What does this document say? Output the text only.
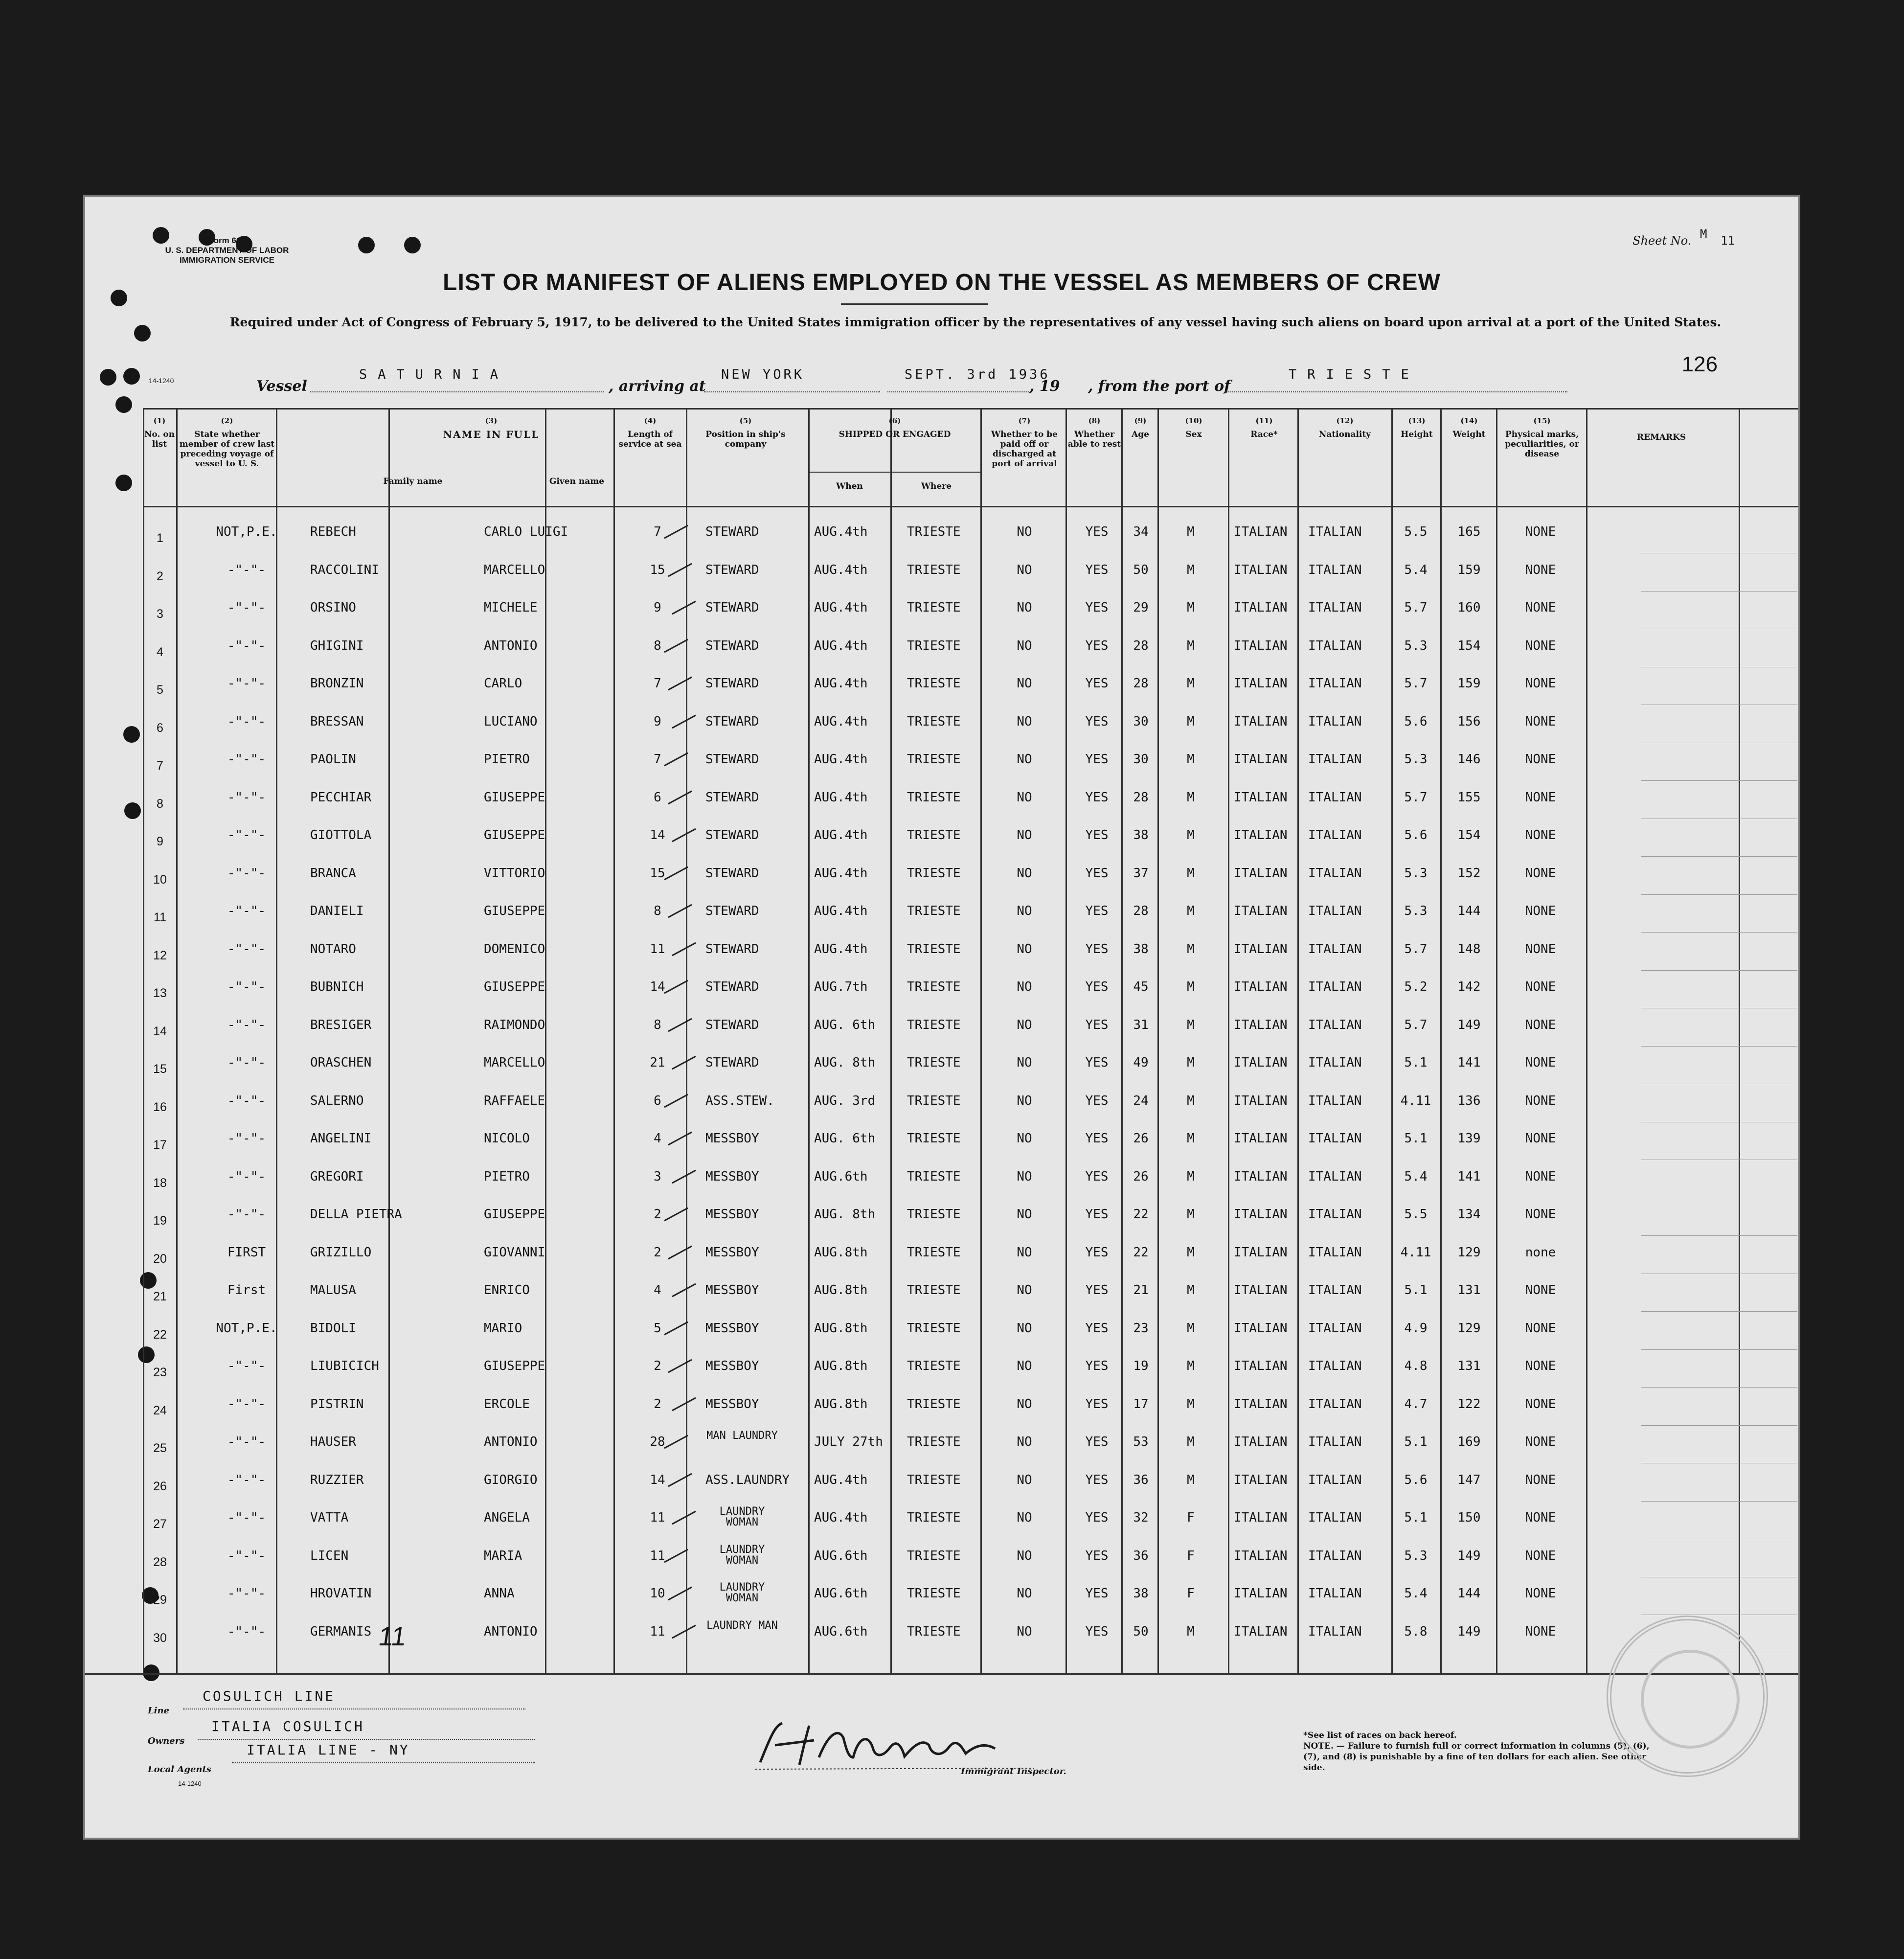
Form 660
U. S. DEPARTMENT OF LABOR
IMMIGRATION SERVICE
14-1240
Sheet No. M 11
LIST OR MANIFEST OF ALIENS EMPLOYED ON THE VESSEL AS MEMBERS OF CREW
Required under Act of Congress of February 5, 1917, to be delivered to the United States immigration officer by the representatives of any vessel having such aliens on board upon arrival at a port of the United States.
Vessel
SATURNIA
, arriving at
NEW YORK	SEPT. 3rd 1936
, 19 , from the port of
TRIESTE	126
(1)
No. on list
(2)
State whether member of crew last preceding voyage of vessel to U. S.
(3)
NAME IN FULL
Family name	Given name
(4)
Length of service at sea
(5)
Position in ship's company
(6)
SHIPPED OR ENGAGED
When	Where
(7)
Whether to be paid off or discharged at port of arrival
(8)
Whether able to rest
(9)
Age
(10)
Sex
(11)
Race*
(12)
Nationality
(13)
Height
(14)
Weight
(15)
Physical marks, peculiarities, or disease
REMARKS
1	NOT,P.E.	REBECH	CARLO LUIGI	7	STEWARD	AUG.4th	TRIESTE	NO	YES	34	M	ITALIAN ITALIAN	5.5	165	NONE
2	-"-"-	RACCOLINI	MARCELLO	15	STEWARD	AUG.4th	TRIESTE	NO	YES	50	M	ITALIAN ITALIAN	5.4	159	NONE
3	-"-"-	ORSINO	MICHELE	9	STEWARD	AUG.4th	TRIESTE	NO	YES	29	M	ITALIAN ITALIAN	5.7	160	NONE
4	-"-"-	GHIGINI	ANTONIO	8	STEWARD	AUG.4th	TRIESTE	NO	YES	28	M	ITALIAN ITALIAN	5.3	154	NONE
5	-"-"-	BRONZIN	CARLO	7	STEWARD	AUG.4th	TRIESTE	NO	YES	28	M	ITALIAN ITALIAN	5.7	159	NONE
6	-"-"-	BRESSAN	LUCIANO	9	STEWARD	AUG.4th	TRIESTE	NO	YES	30	M	ITALIAN ITALIAN	5.6	156	NONE
7	-"-"-	PAOLIN	PIETRO	7	STEWARD	AUG.4th	TRIESTE	NO	YES	30	M	ITALIAN ITALIAN	5.3	146	NONE
8	-"-"-	PECCHIAR	GIUSEPPE	6	STEWARD	AUG.4th	TRIESTE	NO	YES	28	M	ITALIAN ITALIAN	5.7	155	NONE
9	-"-"-	GIOTTOLA	GIUSEPPE	14	STEWARD	AUG.4th	TRIESTE	NO	YES	38	M	ITALIAN ITALIAN	5.6	154	NONE
10	-"-"-	BRANCA	VITTORIO	15	STEWARD	AUG.4th	TRIESTE	NO	YES	37	M	ITALIAN ITALIAN	5.3	152	NONE
11	-"-"-	DANIELI	GIUSEPPE	8	STEWARD	AUG.4th	TRIESTE	NO	YES	28	M	ITALIAN ITALIAN	5.3	144	NONE
12	-"-"-	NOTARO	DOMENICO	11	STEWARD	AUG.4th	TRIESTE	NO	YES	38	M	ITALIAN ITALIAN	5.7	148	NONE
13	-"-"-	BUBNICH	GIUSEPPE	14	STEWARD	AUG.7th	TRIESTE	NO	YES	45	M	ITALIAN ITALIAN	5.2	142	NONE
14	-"-"-	BRESIGER	RAIMONDO	8	STEWARD	AUG. 6th TRIESTE	NO	YES	31	M	ITALIAN ITALIAN	5.7	149	NONE
15	-"-"-	ORASCHEN	MARCELLO	21	STEWARD	AUG. 8th TRIESTE	NO	YES	49	M	ITALIAN ITALIAN	5.1	141	NONE
16	-"-"-	SALERNO	RAFFAELE	6	ASS.STEW.	AUG. 3rd TRIESTE	NO	YES	24	M	ITALIAN ITALIAN	4.11	136	NONE
17	-"-"-	ANGELINI	NICOLO	4	MESSBOY	AUG. 6th TRIESTE	NO	YES	26	M	ITALIAN ITALIAN	5.1	139	NONE
18	-"-"-	GREGORI	PIETRO	3	MESSBOY	AUG.6th	TRIESTE	NO	YES	26	M	ITALIAN ITALIAN	5.4	141	NONE
19	-"-"-	DELLA PIETRA	GIUSEPPE	2	MESSBOY	AUG. 8th TRIESTE	NO	YES	22	M	ITALIAN ITALIAN	5.5	134	NONE
20	FIRST	GRIZILLO	GIOVANNI	2	MESSBOY	AUG.8th	TRIESTE	NO	YES	22	M	ITALIAN ITALIAN	4.11	129	none
21	First	MALUSA	ENRICO	4	MESSBOY	AUG.8th	TRIESTE	NO	YES	21	M	ITALIAN ITALIAN	5.1	131	NONE
22	NOT,P.E.	BIDOLI	MARIO	5	MESSBOY	AUG.8th	TRIESTE	NO	YES	23	M	ITALIAN ITALIAN	4.9	129	NONE
23	-"-"-	LIUBICICH	GIUSEPPE	2	MESSBOY	AUG.8th	TRIESTE	NO	YES	19	M	ITALIAN ITALIAN	4.8	131	NONE
24	-"-"-	PISTRIN	ERCOLE	2	MESSBOY	AUG.8th	TRIESTE	NO	YES	17	M	ITALIAN ITALIAN	4.7	122	NONE
25	-"-"-	HAUSER	ANTONIO	28	MAN LAUNDRY	JULY 27th TRIESTE	NO	YES	53	M	ITALIAN ITALIAN	5.1	169	NONE
26	-"-"-	RUZZIER	GIORGIO	14	ASS.LAUNDRY AUG.4th	TRIESTE	NO	YES	36	M	ITALIAN ITALIAN	5.6	147	NONE
27	-"-"-	VATTA	ANGELA	11	LAUNDRY WOMAN	AUG.4th	TRIESTE	NO	YES	32	F	ITALIAN ITALIAN	5.1	150	NONE
28	-"-"-	LICEN	MARIA	11	LAUNDRY WOMAN	AUG.6th	TRIESTE	NO	YES	36	F	ITALIAN ITALIAN	5.3	149	NONE
29	-"-"-	HROVATIN	ANNA	10	LAUNDRY WOMAN	AUG.6th	TRIESTE	NO	YES	38	F	ITALIAN ITALIAN	5.4	144	NONE
30	-"-"-	GERMANIS	ANTONIO	11	LAUNDRY MAN	AUG.6th	TRIESTE	NO	YES	50	M	ITALIAN ITALIAN	5.8	149	NONE
11
Line
COSULICH LINE
Owners
ITALIA COSULICH
Local Agents
ITALIA LINE - NY
14-1240
Immigrant Inspector.
*See list of races on back hereof.
NOTE. — Failure to furnish full or correct information in columns (5), (6), (7), and (8) is punishable by a fine of ten dollars for each alien. See other side.
